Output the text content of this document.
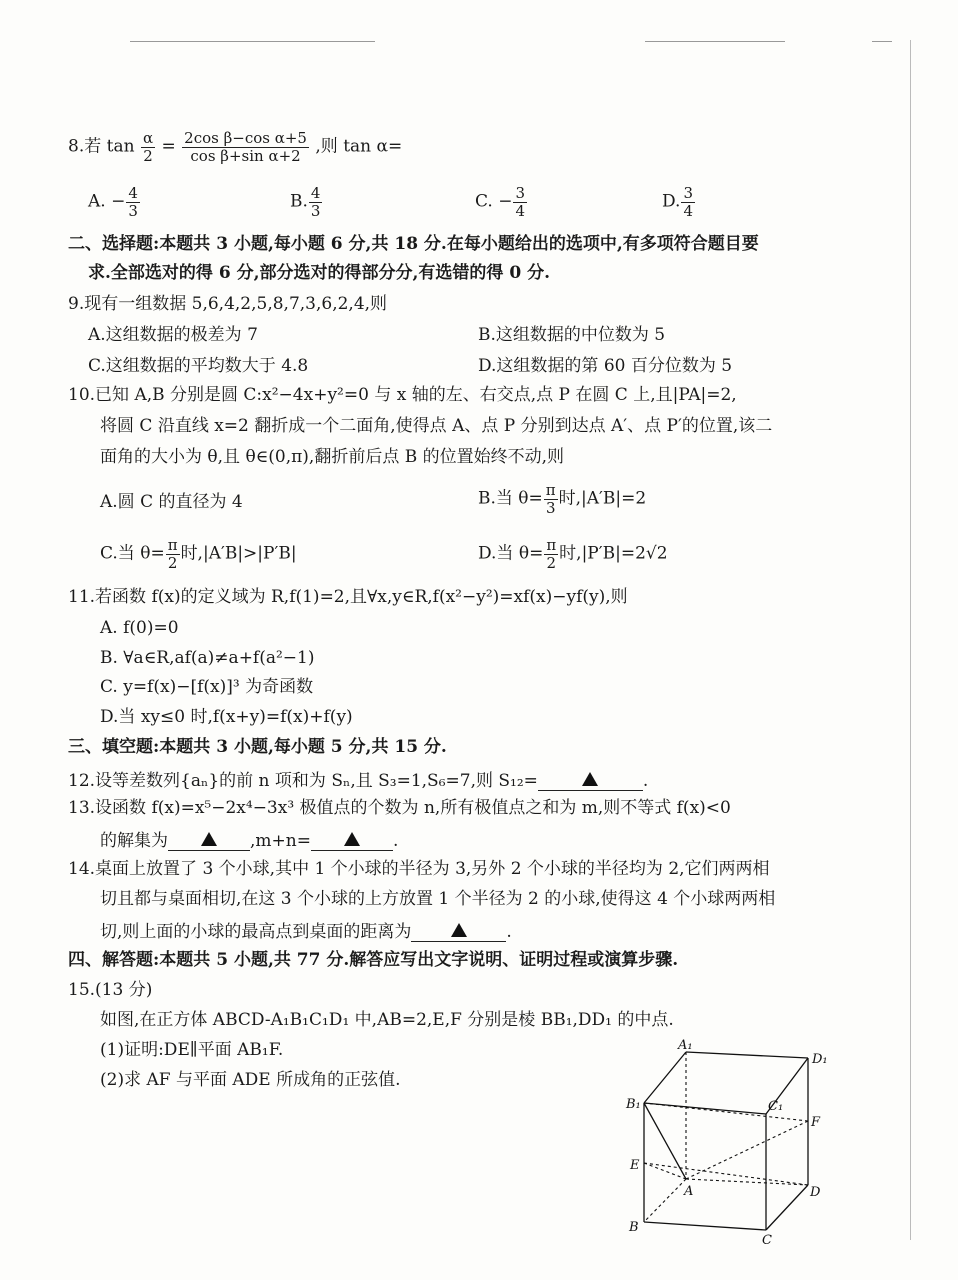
8.若 $\tan \frac{\alpha}{2} = \frac{\text{2cos β−cos α+5}}{\text{cos β+sin α+2}}$ ,则 tan α=
A. − $\frac{4}{3}$	B. $\frac{4}{3}$	C. − $\frac{3}{4}$	D. $\frac{3}{4}$
二、选择题:本题共 3 小题,每小题 6 分,共 18 分.在每小题给出的选项中,有多项符合题目要
求.全部选对的得 6 分,部分选对的得部分分,有选错的得 0 分.
9.现有一组数据 5,6,4,2,5,8,7,3,6,2,4,则
A.这组数据的极差为 7	B.这组数据的中位数为 5
C.这组数据的平均数大于 4.8	D.这组数据的第 60 百分位数为 5
10.已知 A,B 分别是圆 C:x²−4x+y²=0 与 x 轴的左、右交点,点 P 在圆 C 上,且|PA|=2,
将圆 C 沿直线 x=2 翻折成一个二面角,使得点 A、点 P 分别到达点 A′、点 P′的位置,该二
面角的大小为 θ,且 θ∈(0,π),翻折前后点 B 的位置始终不动,则
A.圆 C 的直径为 4	B.当 $\theta= \frac{\pi}{3}$ 时,|A′B|=2
C.当 $\theta= \frac{\pi}{2}$ 时,|A′B|>|P′B|	D.当 $\theta= \frac{\pi}{2}$ 时,|P′B|=2√2
11.若函数 f(x)的定义域为 R,f(1)=2,且∀x,y∈R,f(x²−y²)=xf(x)−yf(y),则
A. f(0)=0
B. ∀a∈R,af(a)≠a+f(a²−1)
C. y=f(x)−[f(x)]³ 为奇函数
D.当 xy≤0 时,f(x+y)=f(x)+f(y)
三、填空题:本题共 3 小题,每小题 5 分,共 15 分.
12.设等差数列{aₙ}的前 n 项和为 Sₙ,且 S₃=1,S₆=7,则 S₁₂=	.
13.设函数 f(x)=x⁵−2x⁴−3x³ 极值点的个数为 n,所有极值点之和为 m,则不等式 f(x)<0
的解集为	,m+n=	.
14.桌面上放置了 3 个小球,其中 1 个小球的半径为 3,另外 2 个小球的半径均为 2,它们两两相
切且都与桌面相切,在这 3 个小球的上方放置 1 个半径为 2 的小球,使得这 4 个小球两两相
切,则上面的小球的最高点到桌面的距离为	.
四、解答题:本题共 5 小题,共 77 分.解答应写出文字说明、证明过程或演算步骤.
15.(13 分)
如图,在正方体 ABCD-A₁B₁C₁D₁ 中,AB=2,E,F 分别是棱 BB₁,DD₁ 的中点.
(1)证明:DE∥平面 AB₁F.
(2)求 AF 与平面 ADE 所成角的正弦值.
A₁
D₁
B₁	C₁
F
E
A	D
B
C
